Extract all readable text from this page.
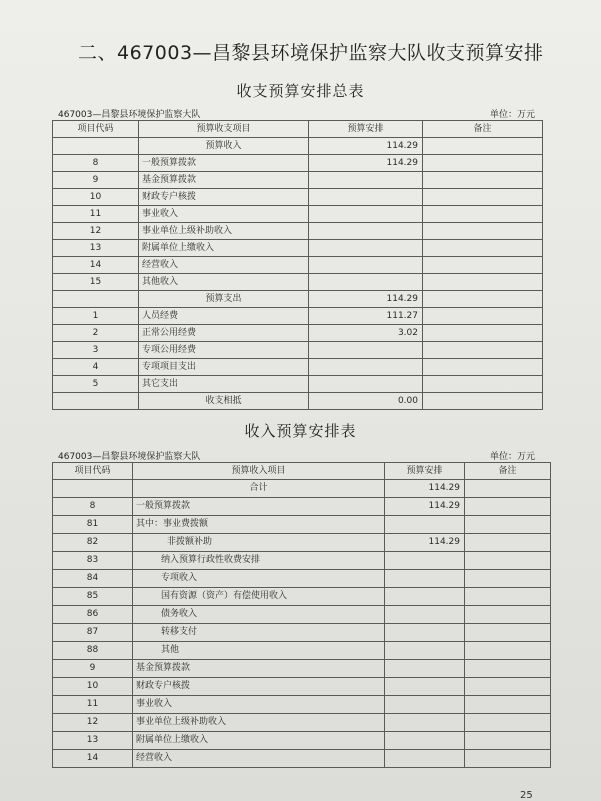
二、467003—昌黎县环境保护监察大队收支预算安排
收支预算安排总表
467003—昌黎县环境保护监察大队	单位：万元
项目代码	预算收支项目	预算安排	备注
	预算收入	114.29	
8	一般预算拨款	114.29	
9	基金预算拨款		
10	财政专户核拨		
11	事业收入		
12	事业单位上级补助收入		
13	附属单位上缴收入		
14	经营收入		
15	其他收入		
	预算支出	114.29	
1	人员经费	111.27	
2	正常公用经费	3.02	
3	专项公用经费		
4	专项项目支出		
5	其它支出		
	收支相抵	0.00	
收入预算安排表
467003—昌黎县环境保护监察大队	单位：万元
项目代码	预算收入项目	预算安排	备注
	合计	114.29	
8	一般预算拨款	114.29	
81	其中：事业费拨额		
82	非拨额补助	114.29	
83	纳入预算行政性收费安排		
84	专项收入		
85	国有资源（资产）有偿使用收入		
86	债务收入		
87	转移支付		
88	其他		
9	基金预算拨款		
10	财政专户核拨		
11	事业收入		
12	事业单位上级补助收入		
13	附属单位上缴收入		
14	经营收入		
25
